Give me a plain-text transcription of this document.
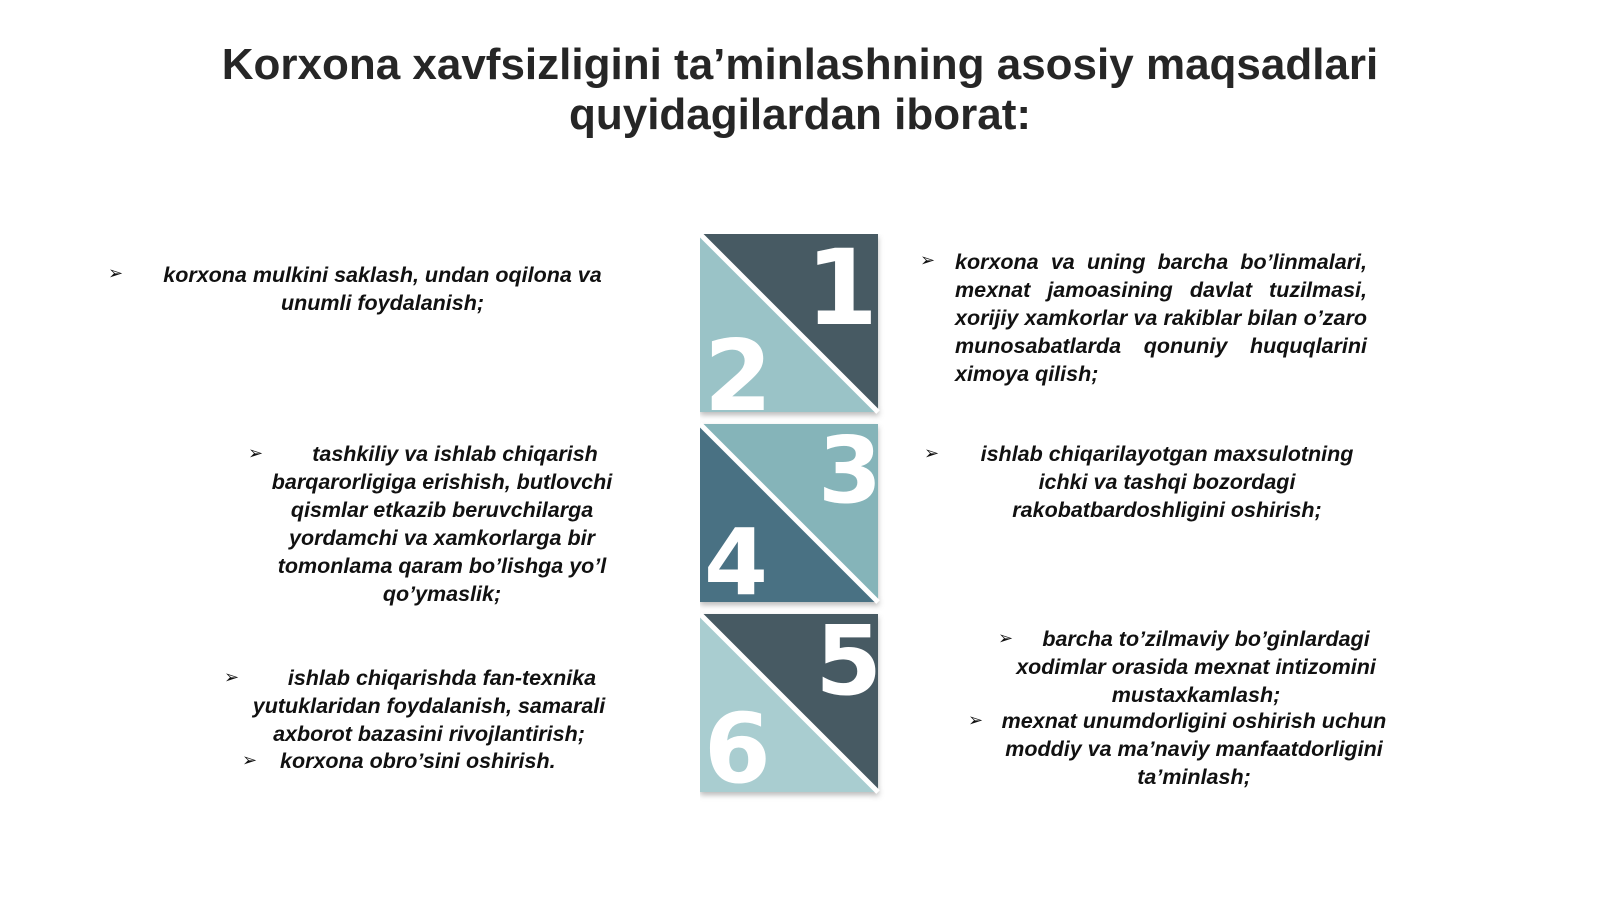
Korxona xavfsizligini ta’minlashning asosiy maqsadlari
quyidagilardan iborat:
➢	korxona mulkini saklash, undan oqilona va unumli foydalanish;
➢	tashkiliy va ishlab chiqarish barqarorligiga erishish, butlovchi qismlar etkazib beruvchilarga yordamchi va xamkorlarga bir tomonlama qaram bo’lishga yo’l qo’ymaslik;
➢	ishlab chiqarishda fan-texnika yutuklaridan foydalanish, samarali axborot bazasini rivojlantirish;
➢ korxona obro’sini oshirish.
1
2
3
4
5
6
➢ korxona va uning barcha bo’linmalari, mexnat jamoasining davlat tuzilmasi, xorijiy xamkorlar va rakiblar bilan o’zaro munosabatlarda qonuniy huquqlarini ximoya qilish;
➢	ishlab chiqarilayotgan maxsulotning ichki va tashqi bozordagi rakobatbardoshligini oshirish;
➢	barcha to’zilmaviy bo’ginlardagi xodimlar orasida mexnat intizomini mustaxkamlash;
➢ mexnat unumdorligini oshirish uchun moddiy va ma’naviy manfaatdorligini ta’minlash;
